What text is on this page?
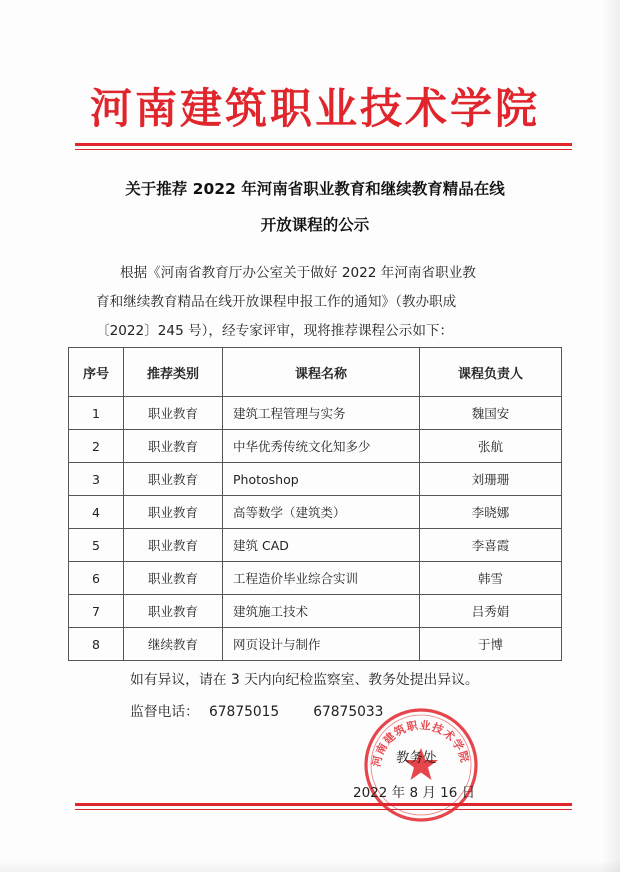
河南建筑职业技术学院
关于推荐 2022 年河南省职业教育和继续教育精品在线
开放课程的公示
根据《河南省教育厅办公室关于做好 2022 年河南省职业教
育和继续教育精品在线开放课程申报工作的通知》（教办职成
〔2022〕245 号），经专家评审，现将推荐课程公示如下：
序号	推荐类别	课程名称	课程负责人
1	职业教育	建筑工程管理与实务	魏国安
2	职业教育	中华优秀传统文化知多少	张航
3	职业教育	Photoshop	刘珊珊
4	职业教育	高等数学（建筑类）	李晓娜
5	职业教育	建筑 CAD	李喜霞
6	职业教育	工程造价毕业综合实训	韩雪
7	职业教育	建筑施工技术	吕秀娟
8	继续教育	网页设计与制作	于博
如有异议，请在 3 天内向纪检监察室、教务处提出异议。
监督电话： 67875015 67875033
河南建筑职业技术学院
教务处
2022 年 8 月 16 日
